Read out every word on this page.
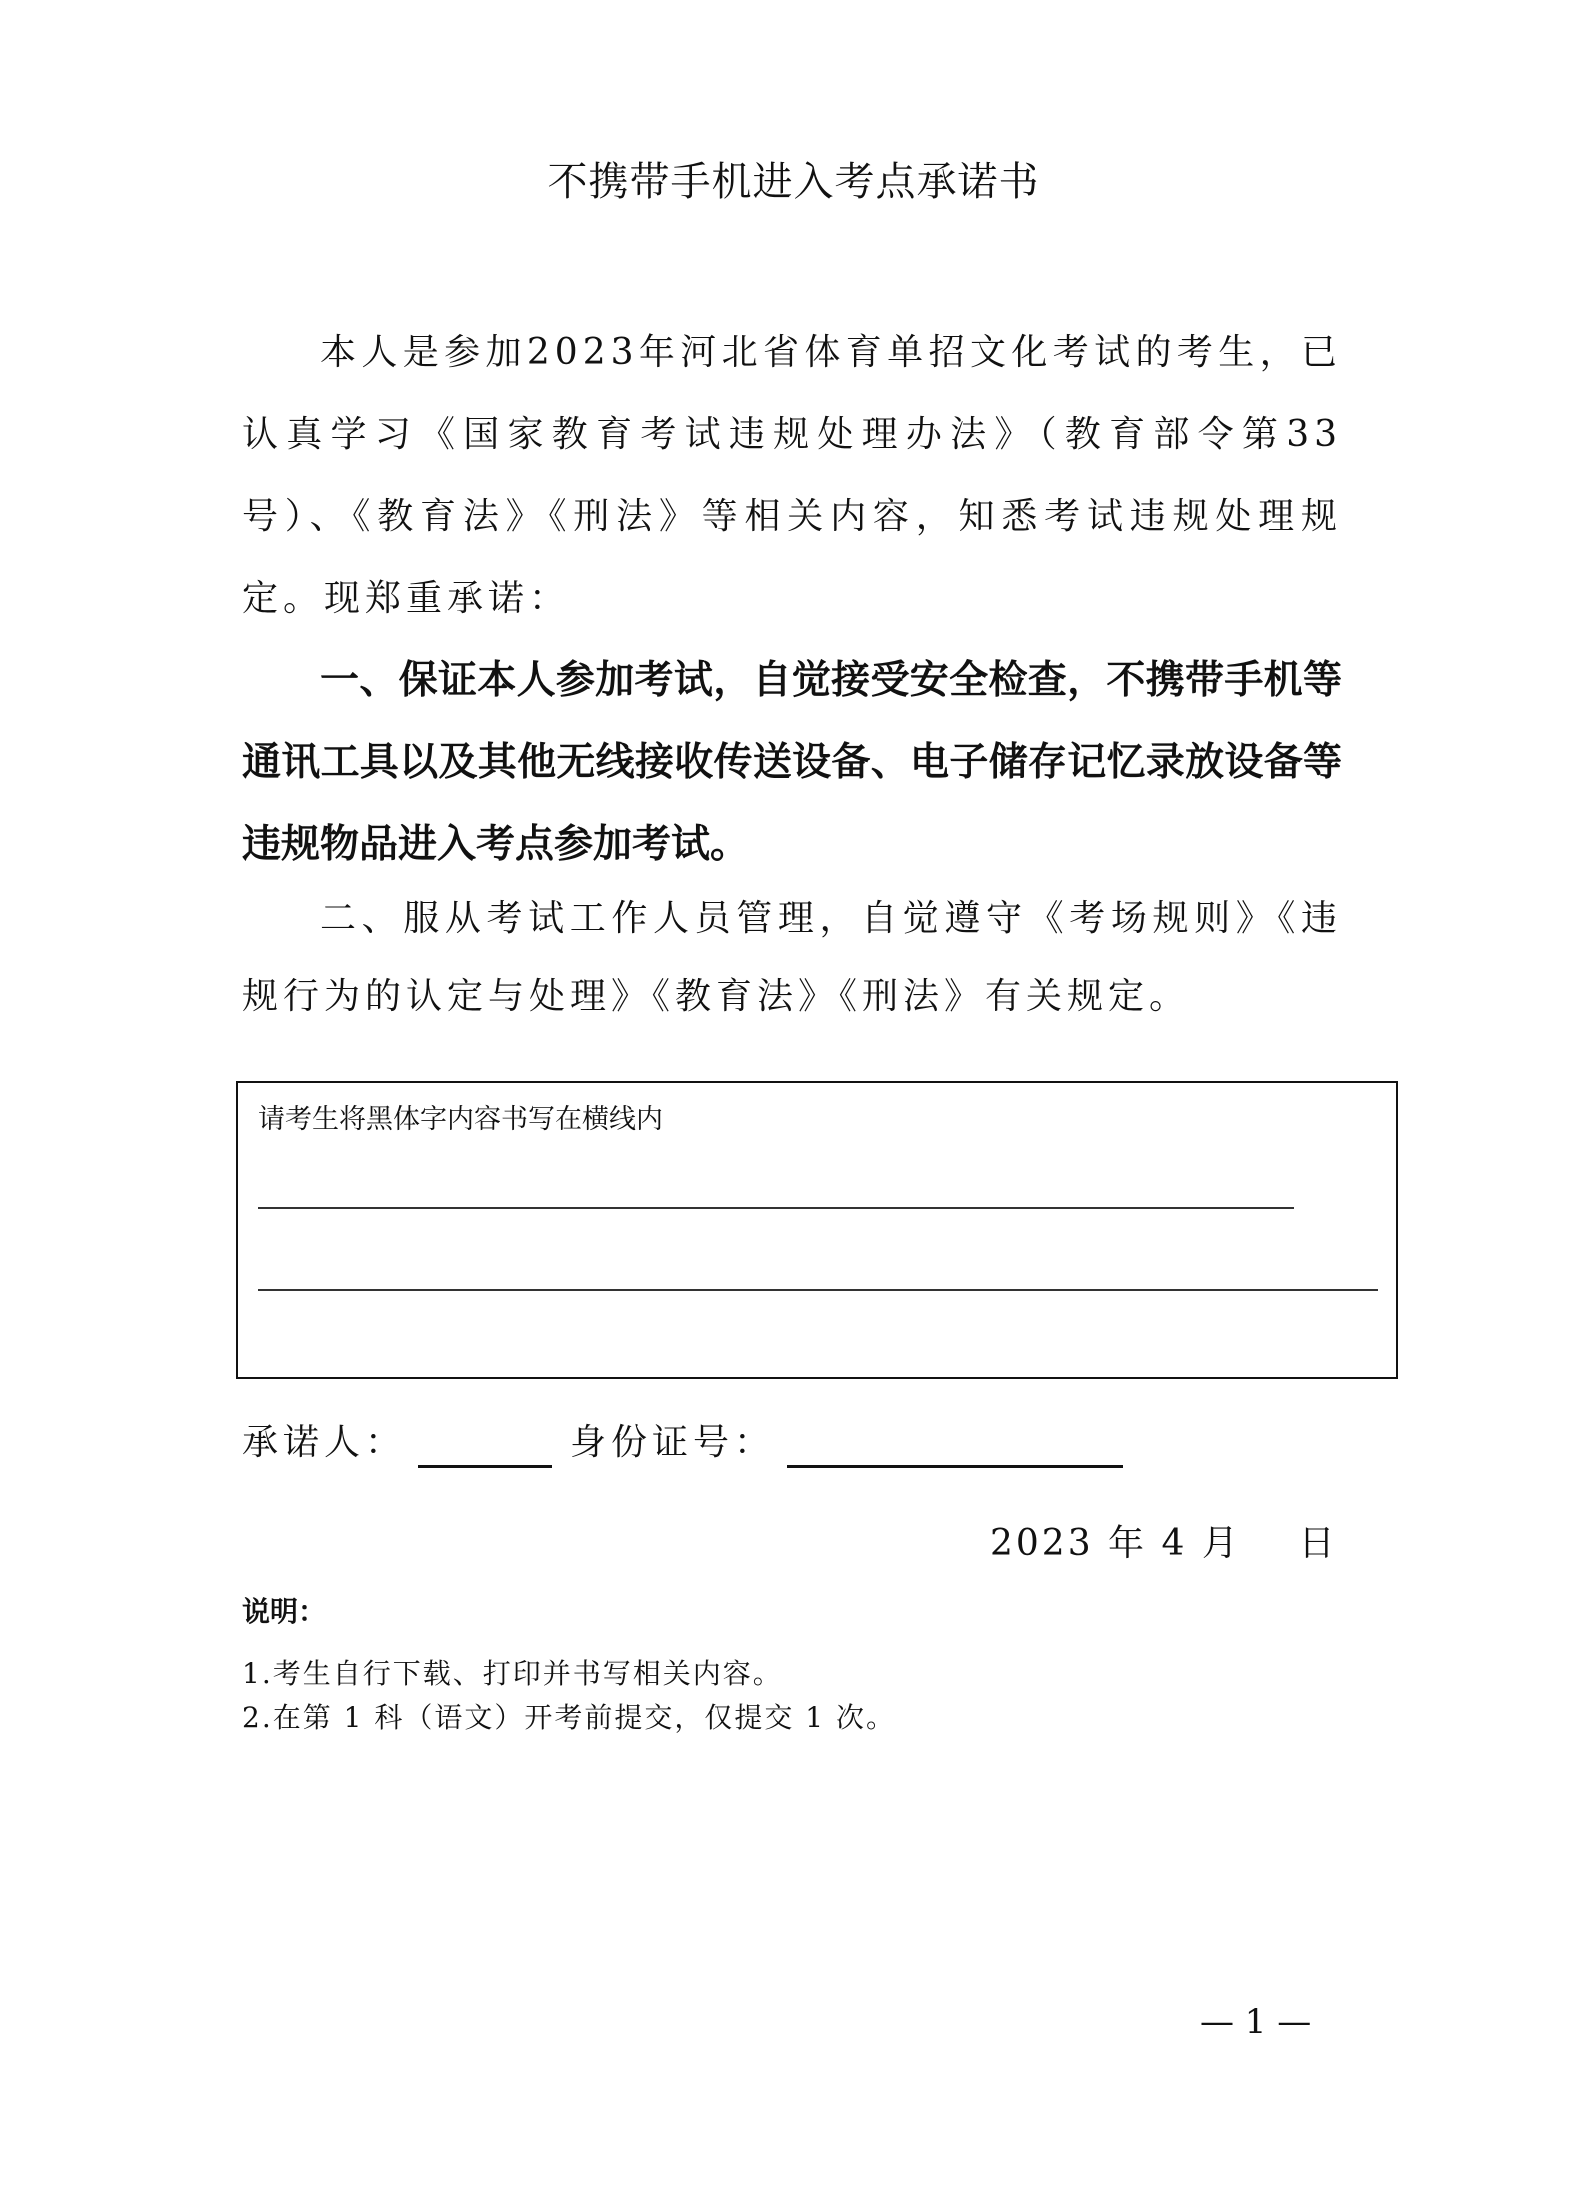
不携带手机进入考点承诺书
本人是参加2023年河北省体育单招文化考试的考生，已认真学习《国家教育考试违规处理办法》（教育部令第33号）、《教育法》《刑法》等相关内容，知悉考试违规处理规定。现郑重承诺：
一、保证本人参加考试，自觉接受安全检查，不携带手机等通讯工具以及其他无线接收传送设备、电子储存记忆录放设备等违规物品进入考点参加考试。
二、服从考试工作人员管理，自觉遵守《考场规则》《违规行为的认定与处理》《教育法》《刑法》有关规定。
请考生将黑体字内容书写在横线内
承诺人：	身份证号：
2023 年 4 月    日
说明：
1.考生自行下载、打印并书写相关内容。
2.在第 1 科（语文）开考前提交，仅提交 1 次。
— 1 —
